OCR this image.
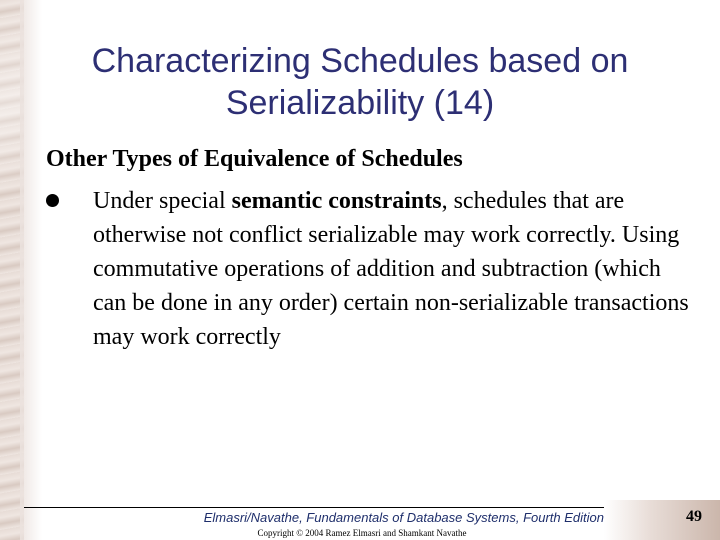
Characterizing Schedules based on Serializability (14)

Other Types of Equivalence of Schedules

Under special semantic constraints, schedules that are otherwise not conflict serializable may work correctly. Using commutative operations of addition and subtraction (which can be done in any order) certain non-serializable transactions may work correctly
Elmasri/Navathe, Fundamentals of Database Systems, Fourth Edition
Copyright © 2004 Ramez Elmasri and Shamkant Navathe
49
